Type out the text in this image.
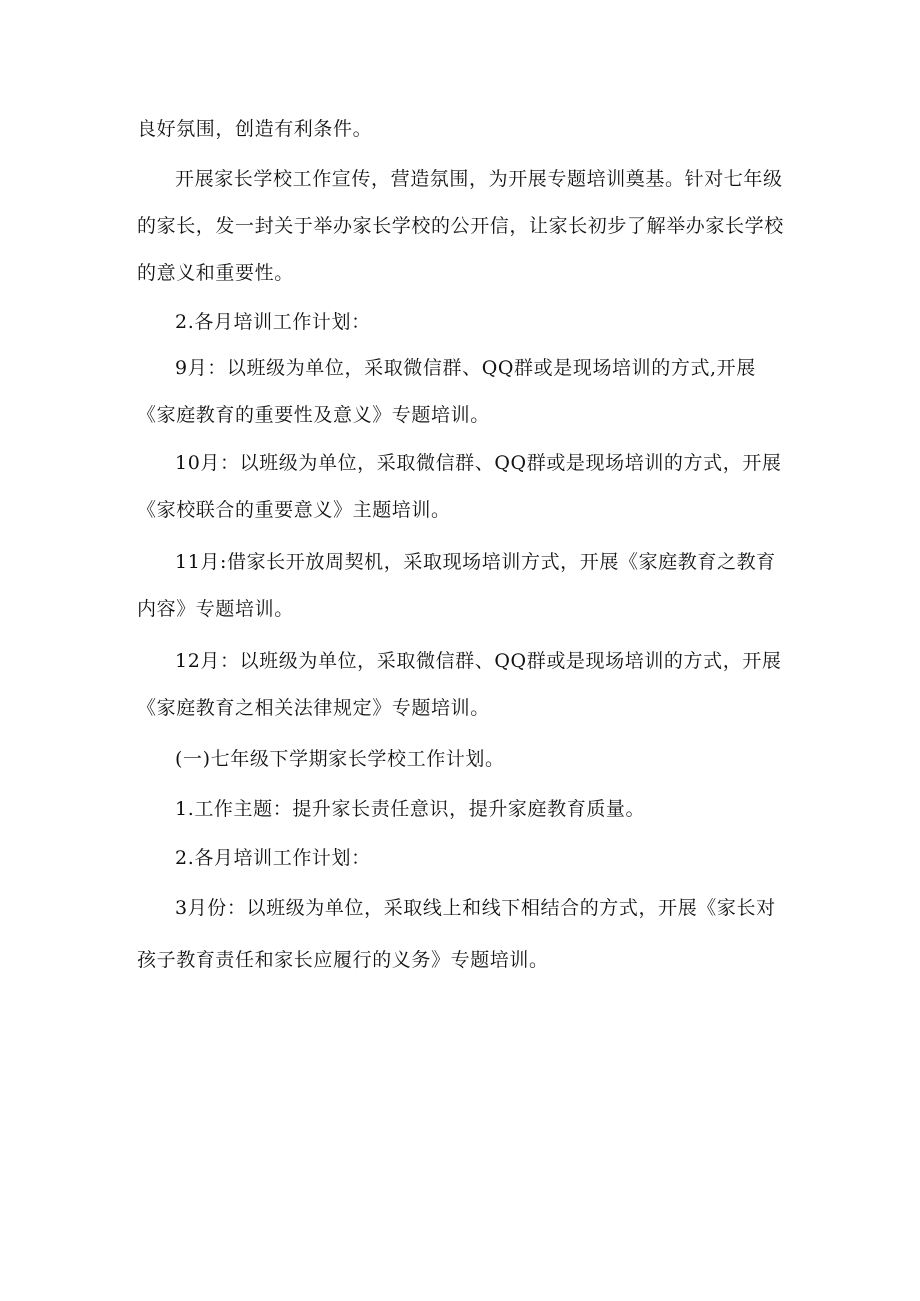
良好氛围，创造有利条件。

开展家长学校工作宣传，营造氛围，为开展专题培训奠基。针对七年级的家长，发一封关于举办家长学校的公开信，让家长初步了解举办家长学校的意义和重要性。

2.各月培训工作计划：

9月：以班级为单位，采取微信群、QQ群或是现场培训的方式,开展《家庭教育的重要性及意义》专题培训。

10月：以班级为单位，采取微信群、QQ群或是现场培训的方式，开展《家校联合的重要意义》主题培训。

11月:借家长开放周契机，采取现场培训方式，开展《家庭教育之教育内容》专题培训。

12月：以班级为单位，采取微信群、QQ群或是现场培训的方式，开展《家庭教育之相关法律规定》专题培训。

(一)七年级下学期家长学校工作计划。

1.工作主题：提升家长责任意识，提升家庭教育质量。

2.各月培训工作计划：

3月份：以班级为单位，采取线上和线下相结合的方式，开展《家长对孩子教育责任和家长应履行的义务》专题培训。
